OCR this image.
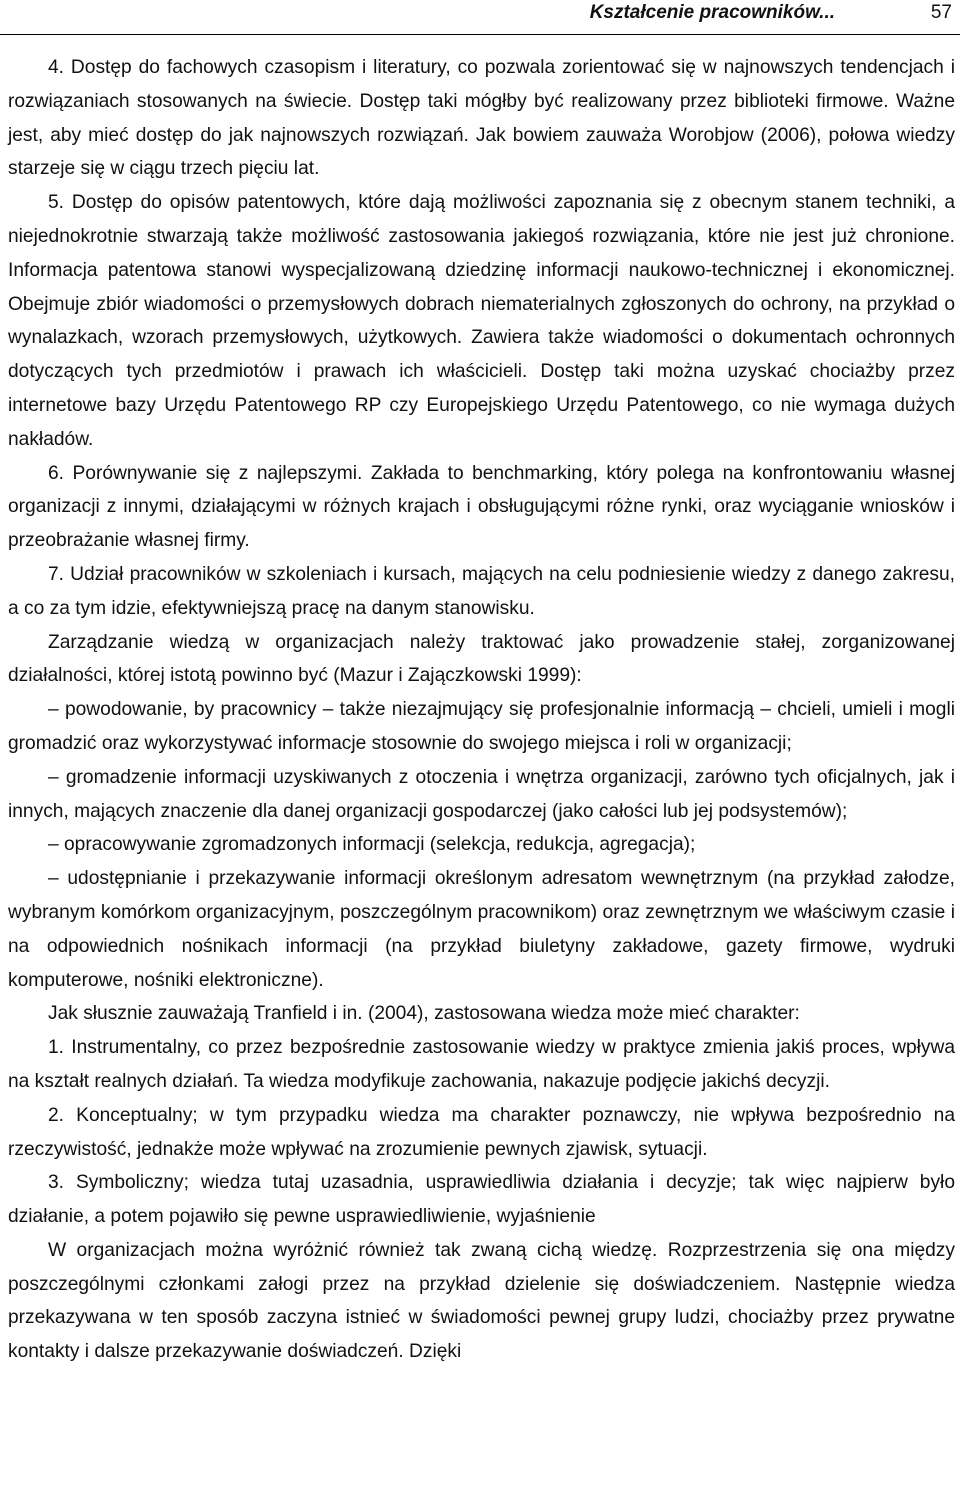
Kształcenie pracowników...	57

4. Dostęp do fachowych czasopism i literatury, co pozwala zorientować się w najnowszych tendencjach i rozwiązaniach stosowanych na świecie. Dostęp taki mógłby być realizowany przez biblioteki firmowe. Ważne jest, aby mieć dostęp do jak najnowszych rozwiązań. Jak bowiem zauważa Worobjow (2006), połowa wiedzy starzeje się w ciągu trzech pięciu lat.

5. Dostęp do opisów patentowych, które dają możliwości zapoznania się z obecnym stanem techniki, a niejednokrotnie stwarzają także możliwość zastosowania jakiegoś rozwiązania, które nie jest już chronione. Informacja patentowa stanowi wyspecjalizowaną dziedzinę informacji naukowo-technicznej i ekonomicznej. Obejmuje zbiór wiadomości o przemysłowych dobrach niematerialnych zgłoszonych do ochrony, na przykład o wynalazkach, wzorach przemysłowych, użytkowych. Zawiera także wiadomości o dokumentach ochronnych dotyczących tych przedmiotów i prawach ich właścicieli. Dostęp taki można uzyskać chociażby przez internetowe bazy Urzędu Patentowego RP czy Europejskiego Urzędu Patentowego, co nie wymaga dużych nakładów.

6. Porównywanie się z najlepszymi. Zakłada to benchmarking, który polega na konfrontowaniu własnej organizacji z innymi, działającymi w różnych krajach i obsługującymi różne rynki, oraz wyciąganie wniosków i przeobrażanie własnej firmy.

7. Udział pracowników w szkoleniach i kursach, mających na celu podniesienie wiedzy z danego zakresu, a co za tym idzie, efektywniejszą pracę na danym stanowisku.

Zarządzanie wiedzą w organizacjach należy traktować jako prowadzenie stałej, zorganizowanej działalności, której istotą powinno być (Mazur i Zajączkowski 1999):

– powodowanie, by pracownicy – także niezajmujący się profesjonalnie informacją – chcieli, umieli i mogli gromadzić oraz wykorzystywać informacje stosownie do swojego miejsca i roli w organizacji;

– gromadzenie informacji uzyskiwanych z otoczenia i wnętrza organizacji, zarówno tych oficjalnych, jak i innych, mających znaczenie dla danej organizacji gospodarczej (jako całości lub jej podsystemów);

– opracowywanie zgromadzonych informacji (selekcja, redukcja, agregacja);

– udostępnianie i przekazywanie informacji określonym adresatom wewnętrznym (na przykład załodze, wybranym komórkom organizacyjnym, poszczególnym pracownikom) oraz zewnętrznym we właściwym czasie i na odpowiednich nośnikach informacji (na przykład biuletyny zakładowe, gazety firmowe, wydruki komputerowe, nośniki elektroniczne).

Jak słusznie zauważają Tranfield i in. (2004), zastosowana wiedza może mieć charakter:

1. Instrumentalny, co przez bezpośrednie zastosowanie wiedzy w praktyce zmienia jakiś proces, wpływa na kształt realnych działań. Ta wiedza modyfikuje zachowania, nakazuje podjęcie jakichś decyzji.

2. Konceptualny; w tym przypadku wiedza ma charakter poznawczy, nie wpływa bezpośrednio na rzeczywistość, jednakże może wpływać na zrozumienie pewnych zjawisk, sytuacji.

3. Symboliczny; wiedza tutaj uzasadnia, usprawiedliwia działania i decyzje; tak więc najpierw było działanie, a potem pojawiło się pewne usprawiedliwienie, wyjaśnienie

W organizacjach można wyróżnić również tak zwaną cichą wiedzę. Rozprzestrzenia się ona między poszczególnymi członkami załogi przez na przykład dzielenie się doświadczeniem. Następnie wiedza przekazywana w ten sposób zaczyna istnieć w świadomości pewnej grupy ludzi, chociażby przez prywatne kontakty i dalsze przekazywanie doświadczeń. Dzięki
